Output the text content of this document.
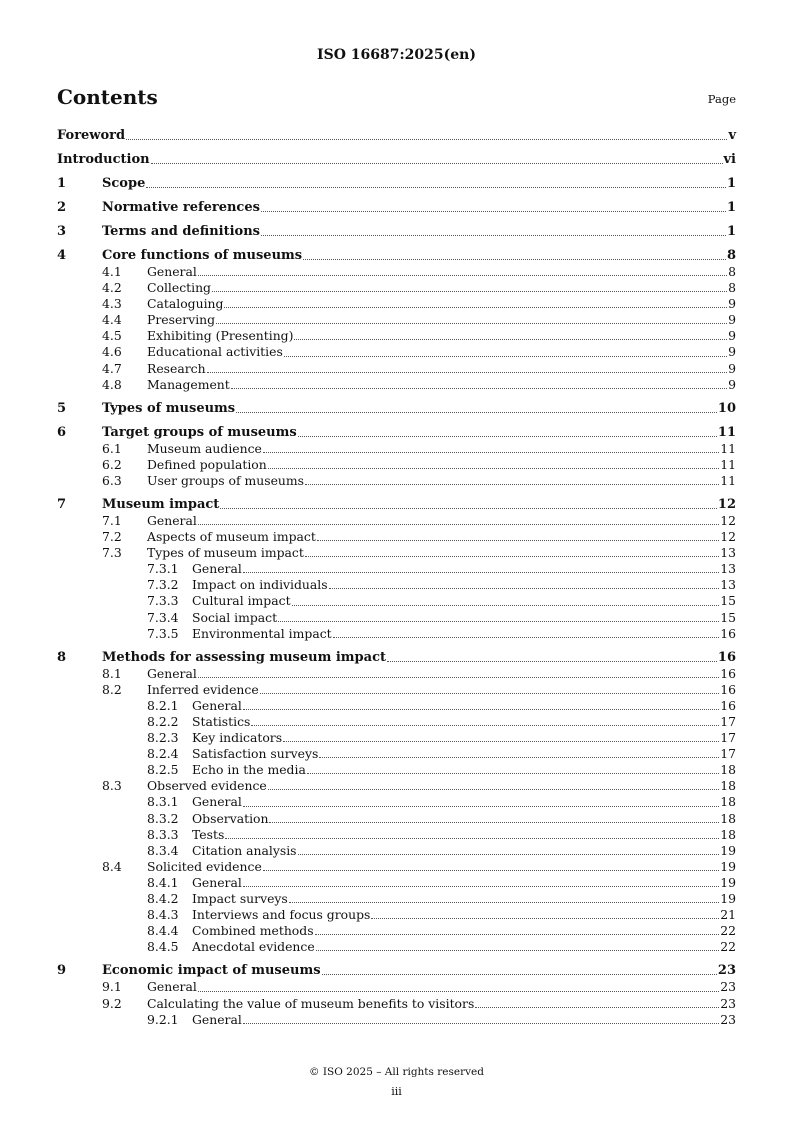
ISO 16687:2025(en)
Contents	Page
Foreword	v
Introduction	vi
1	Scope	1
2	Normative references	1
3	Terms and definitions	1
4	Core functions of museums	8
4.1 General	8
4.2 Collecting	8
4.3 Cataloguing	9
4.4 Preserving	9
4.5 Exhibiting (Presenting)	9
4.6 Educational activities	9
4.7 Research	9
4.8 Management	9
5	Types of museums	10
6	Target groups of museums	11
6.1 Museum audience	11
6.2 Defined population	11
6.3 User groups of museums	11
7	Museum impact	12
7.1 General	12
7.2 Aspects of museum impact	12
7.3 Types of museum impact	13
7.3.1 General	13
7.3.2 Impact on individuals	13
7.3.3 Cultural impact	15
7.3.4 Social impact	15
7.3.5 Environmental impact	16
8	Methods for assessing museum impact	16
8.1 General	16
8.2 Inferred evidence	16
8.2.1 General	16
8.2.2 Statistics	17
8.2.3 Key indicators	17
8.2.4 Satisfaction surveys	17
8.2.5 Echo in the media	18
8.3 Observed evidence	18
8.3.1 General	18
8.3.2 Observation	18
8.3.3 Tests	18
8.3.4 Citation analysis	19
8.4 Solicited evidence	19
8.4.1 General	19
8.4.2 Impact surveys	19
8.4.3 Interviews and focus groups	21
8.4.4 Combined methods	22
8.4.5 Anecdotal evidence	22
9	Economic impact of museums	23
9.1 General	23
9.2 Calculating the value of museum benefits to visitors	23
9.2.1 General	23
© ISO 2025 – All rights reserved
iii
